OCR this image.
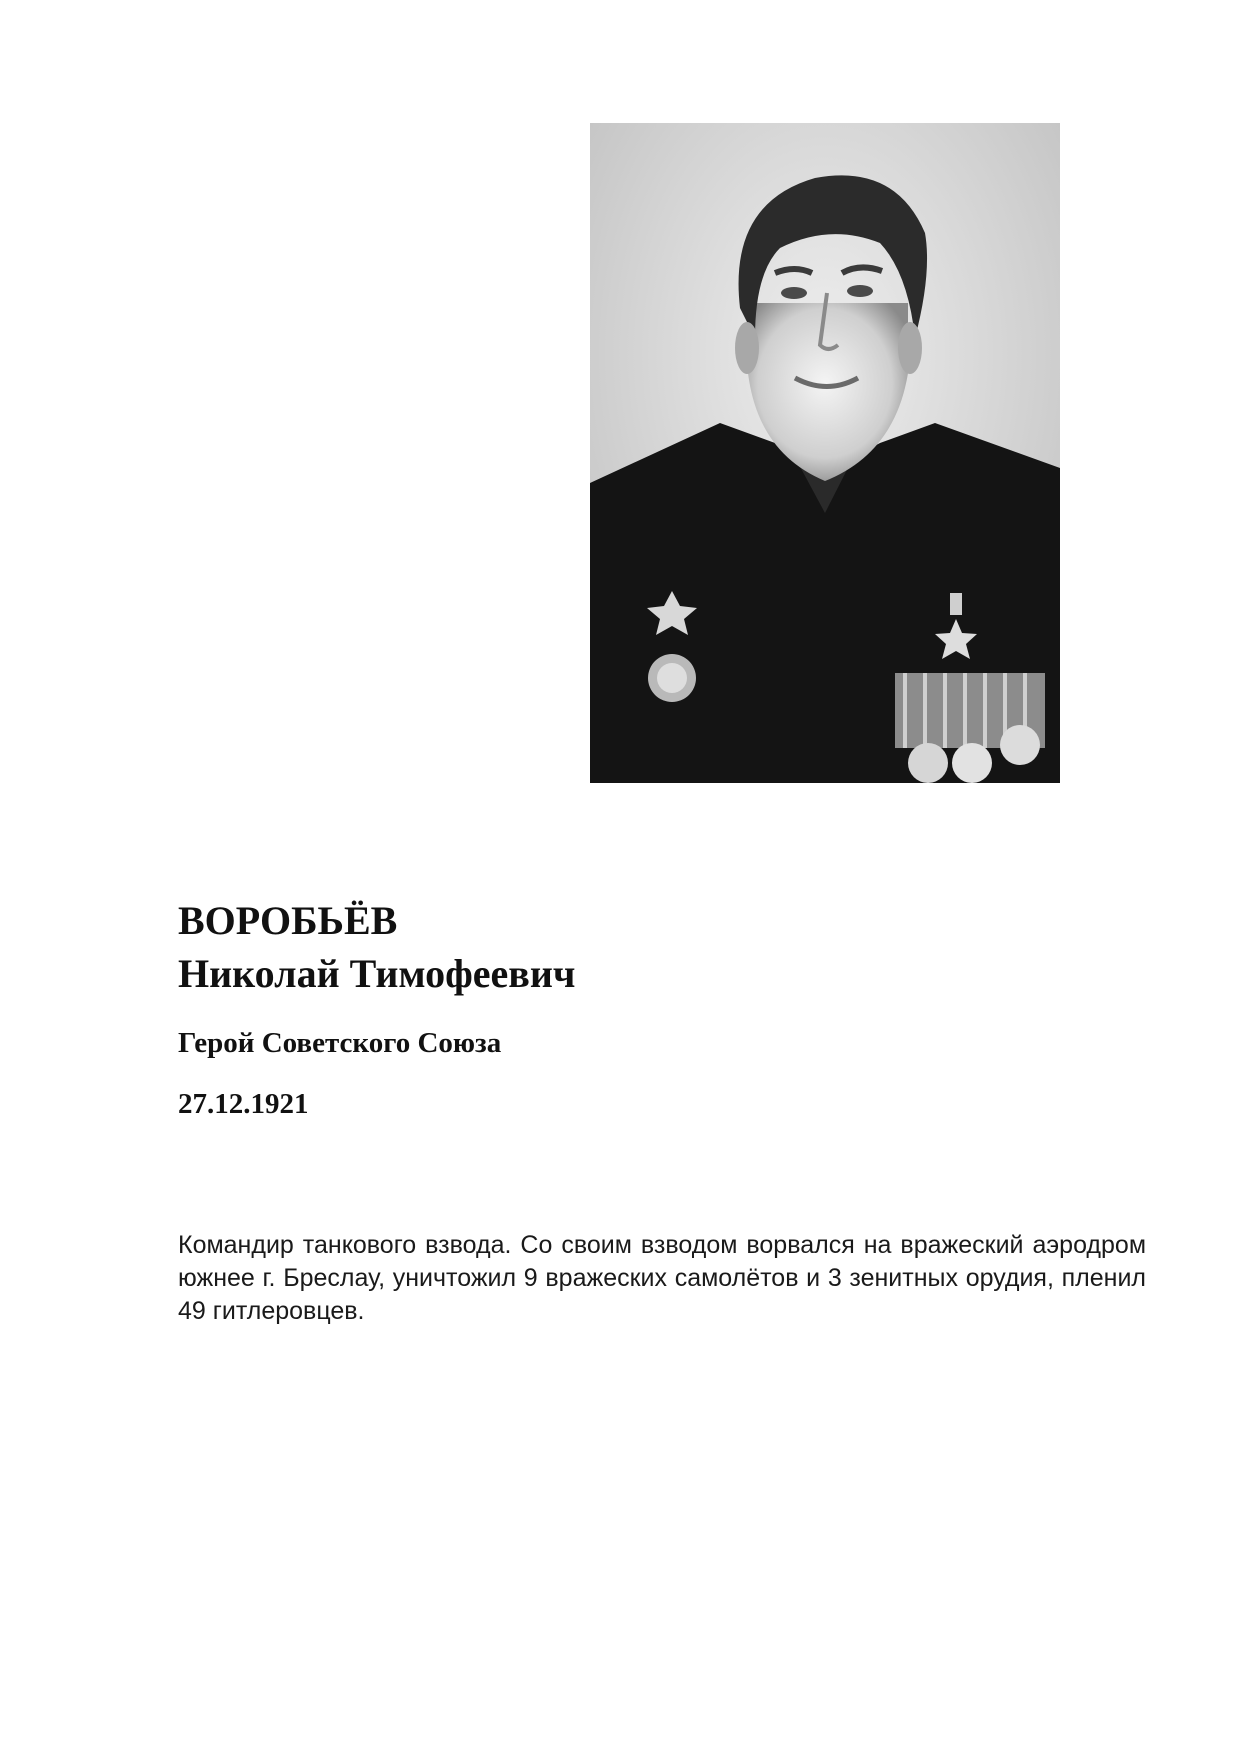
ВОРОБЬЁВ
Николай Тимофеевич
Герой Советского Союза
27.12.1921

Командир танкового взвода. Со своим взводом ворвался на вражеский аэродром южнее г. Бреслау, уничтожил 9 вражеских самолётов и 3 зенитных орудия, пленил 49 гитлеровцев.
